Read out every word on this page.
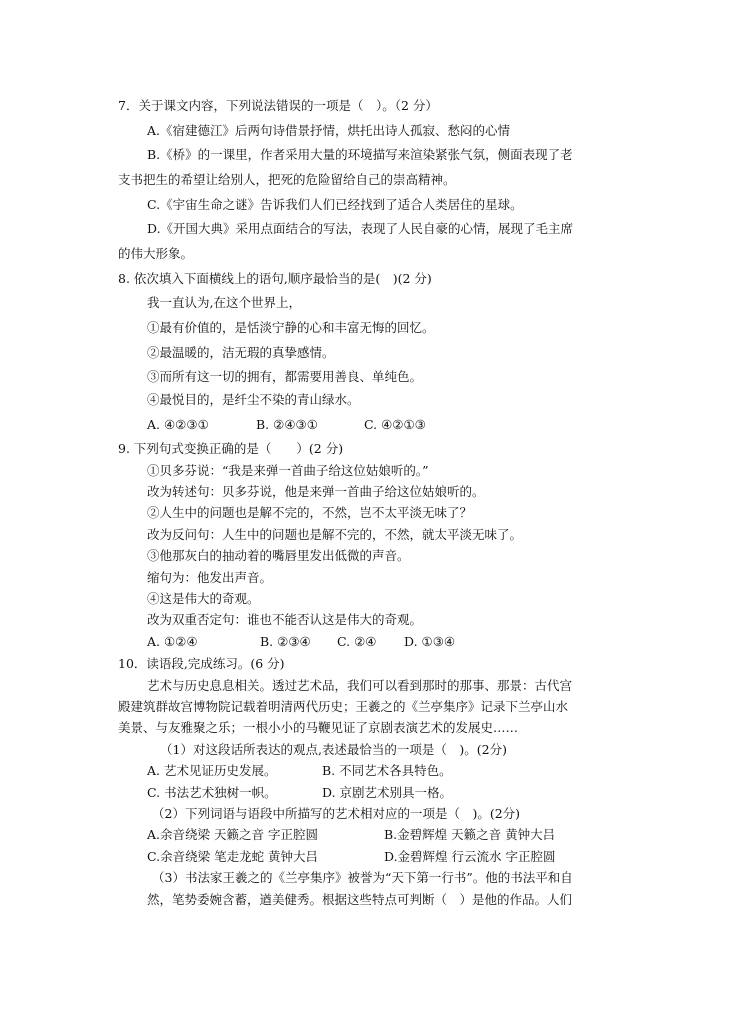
7．关于课文内容，下列说法错误的一项是（　）。（2 分）
A.《宿建德江》后两句诗借景抒情，烘托出诗人孤寂、愁闷的心情
B.《桥》的一课里，作者采用大量的环境描写来渲染紧张气氛，侧面表现了老
支书把生的希望让给别人，把死的危险留给自己的崇高精神。
C.《宇宙生命之谜》告诉我们人们已经找到了适合人类居住的星球。
D.《开国大典》采用点面结合的写法，表现了人民自豪的心情，展现了毛主席
的伟大形象。
8. 依次填入下面横线上的语句,顺序最恰当的是(　)(2 分)
我一直认为,在这个世界上，
①最有价值的，是恬淡宁静的心和丰富无悔的回忆。
②最温暖的，洁无瑕的真挚感情。
③而所有这一切的拥有，都需要用善良、单纯色。
④最悦目的，是纤尘不染的青山绿水。
A. ④②③①	B. ②④③①	C. ④②①③
9. 下列句式变换正确的是（　　）(2 分)
①贝多芬说：“我是来弹一首曲子给这位姑娘听的。”
改为转述句：贝多芬说，他是来弹一首曲子给这位姑娘听的。
②人生中的问题也是解不完的，不然，岂不太平淡无味了？
改为反问句：人生中的问题也是解不完的，不然，就太平淡无味了。
③他那灰白的抽动着的嘴唇里发出低微的声音。
缩句为：他发出声音。
④这是伟大的奇观。
改为双重否定句：谁也不能否认这是伟大的奇观。
A. ①②④	B. ②③④ C. ②④ D. ①③④
10．读语段,完成练习。(6 分)
艺术与历史息息相关。透过艺术品，我们可以看到那时的那事、那景：古代宫
殿建筑群故宫博物院记载着明清两代历史；王羲之的《兰亭集序》记录下兰亭山水
美景、与友雅聚之乐；一根小小的马鞭见证了京剧表演艺术的发展史……
（1）对这段话所表达的观点,表述最恰当的一项是（　)。(2分)
A. 艺术见证历史发展。	B. 不同艺术各具特色。
C. 书法艺术独树一帜。	D. 京剧艺术别具一格。
（2）下列词语与语段中所描写的艺术相对应的一项是（　)。(2分)
A.余音绕梁 天籁之音 字正腔圆	B.金碧辉煌 天籁之音 黄钟大吕
C.余音绕梁 笔走龙蛇 黄钟大吕	D.金碧辉煌 行云流水 字正腔圆
（3）书法家王羲之的《兰亭集序》被誉为“天下第一行书”。他的书法平和自
然，笔势委婉含蓄，遒美健秀。根据这些特点可判断（　）是他的作品。人们
